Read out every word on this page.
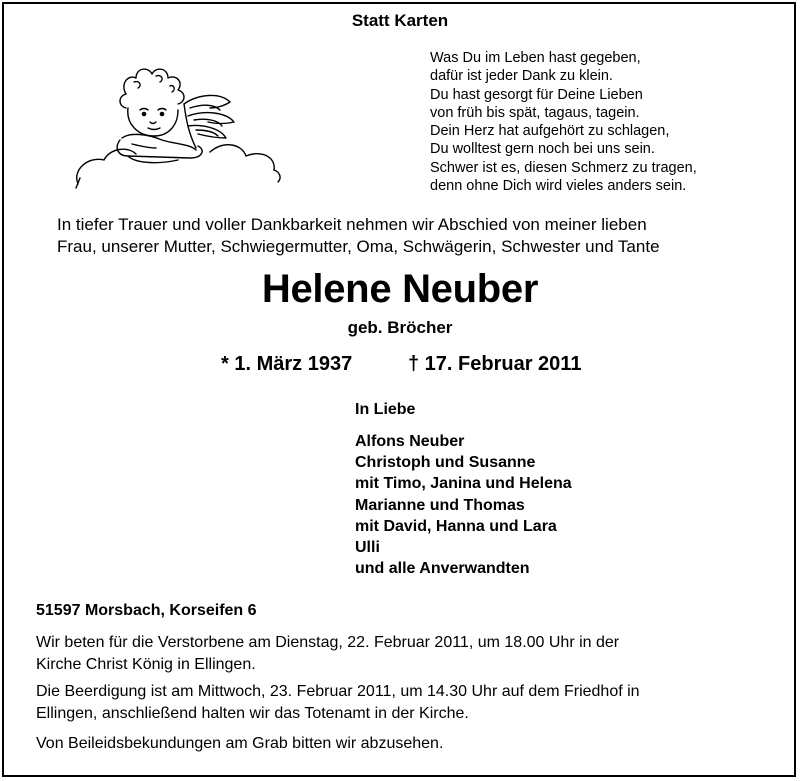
Statt Karten
Was Du im Leben hast gegeben,
dafür ist jeder Dank zu klein.
Du hast gesorgt für Deine Lieben
von früh bis spät, tagaus, tagein.
Dein Herz hat aufgehört zu schlagen,
Du wolltest gern noch bei uns sein.
Schwer ist es, diesen Schmerz zu tragen,
denn ohne Dich wird vieles anders sein.
In tiefer Trauer und voller Dankbarkeit nehmen wir Abschied von meiner lieben
Frau, unserer Mutter, Schwiegermutter, Oma, Schwägerin, Schwester und Tante
Helene Neuber
geb. Bröcher
* 1. März 1937	† 17. Februar 2011
In Liebe
Alfons Neuber
Christoph und Susanne
mit Timo, Janina und Helena
Marianne und Thomas
mit David, Hanna und Lara
Ulli
und alle Anverwandten
51597 Morsbach, Korseifen 6
Wir beten für die Verstorbene am Dienstag, 22. Februar 2011, um 18.00 Uhr in der
Kirche Christ König in Ellingen.
Die Beerdigung ist am Mittwoch, 23. Februar 2011, um 14.30 Uhr auf dem Friedhof in
Ellingen, anschließend halten wir das Totenamt in der Kirche.
Von Beileidsbekundungen am Grab bitten wir abzusehen.
